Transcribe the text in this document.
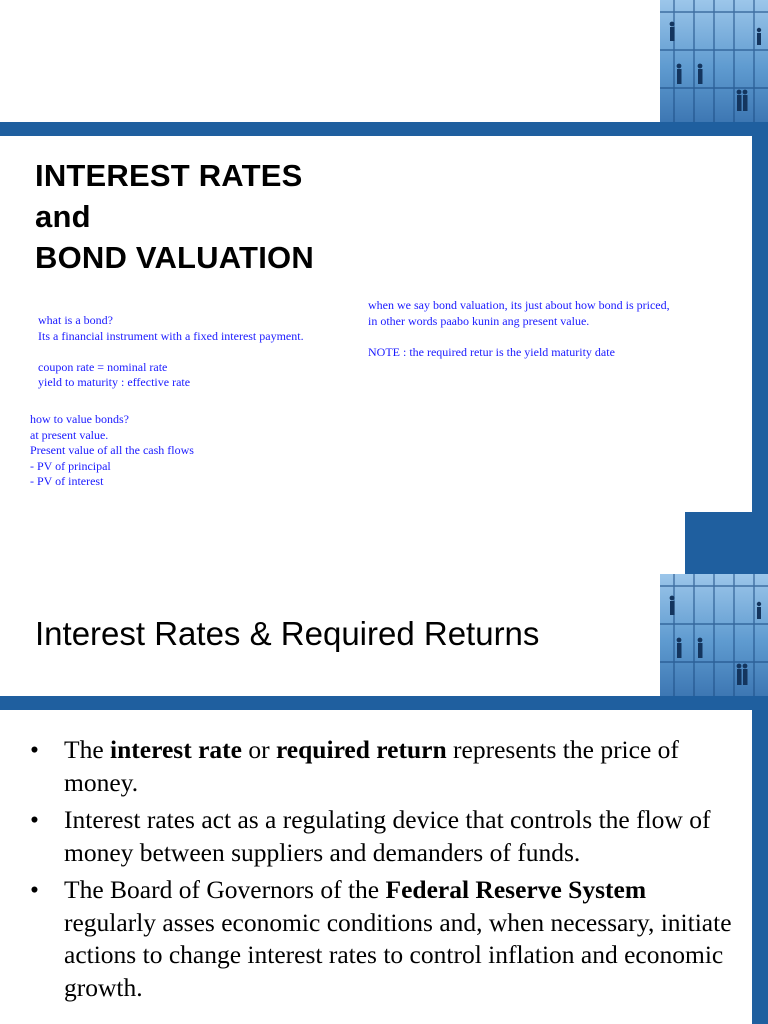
INTEREST RATES
and
BOND VALUATION
what is a bond?
Its a financial instrument with a fixed interest payment.
coupon rate = nominal rate
yield to maturity : effective rate
when we say bond valuation, its just about how bond is priced,
in other words paabo kunin ang present value.
NOTE : the required retur is the yield maturity date
how to value bonds?
at present value.
Present value of all the cash flows
- PV of principal
- PV of interest
Interest Rates & Required Returns
• The interest rate or required return represents the price of money.
• Interest rates act as a regulating device that controls the flow of money between suppliers and demanders of funds.
• The Board of Governors of the Federal Reserve System regularly asses economic conditions and, when necessary, initiate actions to change interest rates to control inflation and economic growth.
